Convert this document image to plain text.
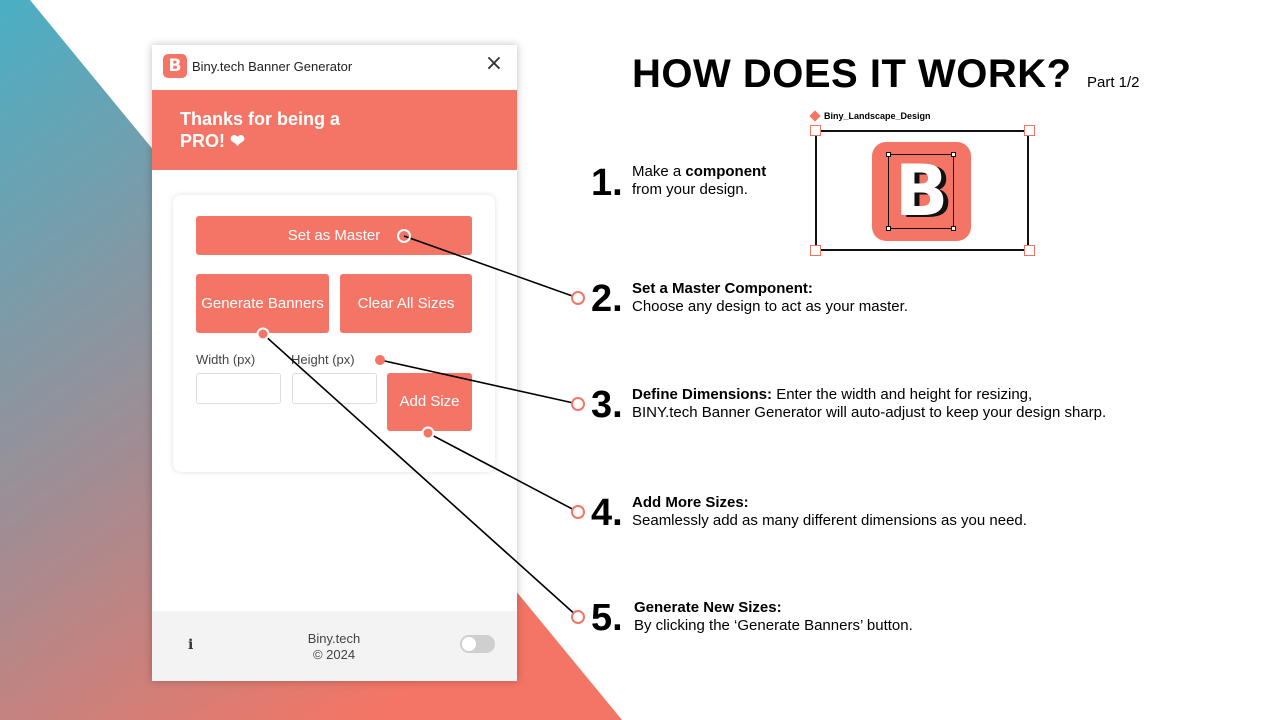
B Biny.tech Banner Generator	×
Thanks for being a PRO! ❤
Set as Master
Generate Banners	Clear All Sizes
Width (px)	Height (px)
Add Size
i	Biny.tech
© 2024
HOW DOES IT WORK? Part 1/2
Biny_Landscape_Design
B
1. Make a component
from your design.
2. Set a Master Component:
Choose any design to act as your master.
3. Define Dimensions: Enter the width and height for resizing,
BINY.tech Banner Generator will auto-adjust to keep your design sharp.
4. Add More Sizes:
Seamlessly add as many different dimensions as you need.
5. Generate New Sizes:
By clicking the ‘Generate Banners’ button.
